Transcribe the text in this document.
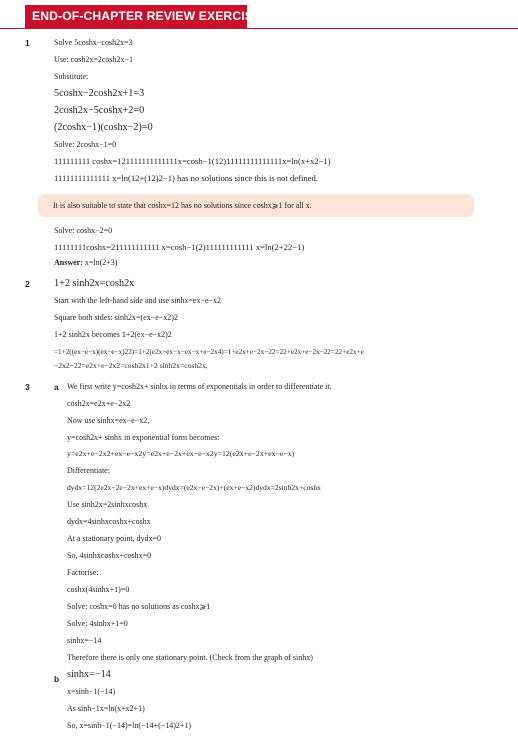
END-OF-CHAPTER REVIEW EXERCISE 19
1	Solve 5coshx−cosh2x=3
Use: cosh2x=2cosh2x−1
Substitute:
5coshx−2cosh2x+1=3
2cosh2x−5coshx+2=0
(2coshx−1)(coshx−2)=0
Solve: 2coshx−1=0
111111111 coshx=121111111111111x=cosh−1(12)11111111111111x=ln(x+x2−1)
11111111111111 x=ln(12+(12)2−1) has no solutions since this is not defined.
It is also suitable to state that coshx=12 has no solutions since coshx⩾1 for all x.
Solve: coshx−2=0
11111111coshx=211111111111 x=cosh−1(2)111111111111 x=ln(2+22−1)
Answer: x=ln(2+3)
2 1+2 sinh2x=cosh2x
Start with the left-hand side and use sinhx=ex−e−x2
Square both sides: sinh2x=(ex−e−x2)2
1+2 sinh2x becomes 1+2(ex−e−x2)2
=1+2((ex−e−x)(ex−e−x)22)=1+2(e2x−ex−x−ex−x+e−2x4)=1+e2x+e−2x−22=22+e2x+e−2x−22=22+e2x+e
−2x2−22=e2x+e−2x2=cosh2x1+2 sinh2x=cosh2x,
3	a We first write y=cosh2x+ sinhx in terms of exponentials in order to differentiate it.
cosh2x=e2x+e−2x2
Now use sinhx=ex−e−x2,
y=cosh2x+ sinhx in exponential form becomes:
y=e2x+e−2x2+ex−e−x2y=e2x+e−2x+ex−e−x2y=12(e2x+e−2x+ex−e−x)
Differentiate:
dydx=12(2e2x−2e−2x+ex+e−x)dydx=(e2x−e−2x)+(ex+e−x2)dydx=2sinh2x+coshx
Use sinh2x=2sinhxcoshx
dydx=4sinhxcoshx+coshx
At a stationary point, dydx=0
So, 4sinhxcoshx+coshx=0
Factorise:
coshx(4sinhx+1)=0
Solve: coshx=0 has no solutions as coshx⩾1
Solve: 4sinhx+1=0
sinhx=−14
Therefore there is only one stationary point. (Check from the graph of sinhx)
b sinhx=−14
x=sinh−1(−14)
As sinh−1x=ln(x+x2+1)
So, x=sinh−1(−14)=ln(−14+(−14)2+1)
